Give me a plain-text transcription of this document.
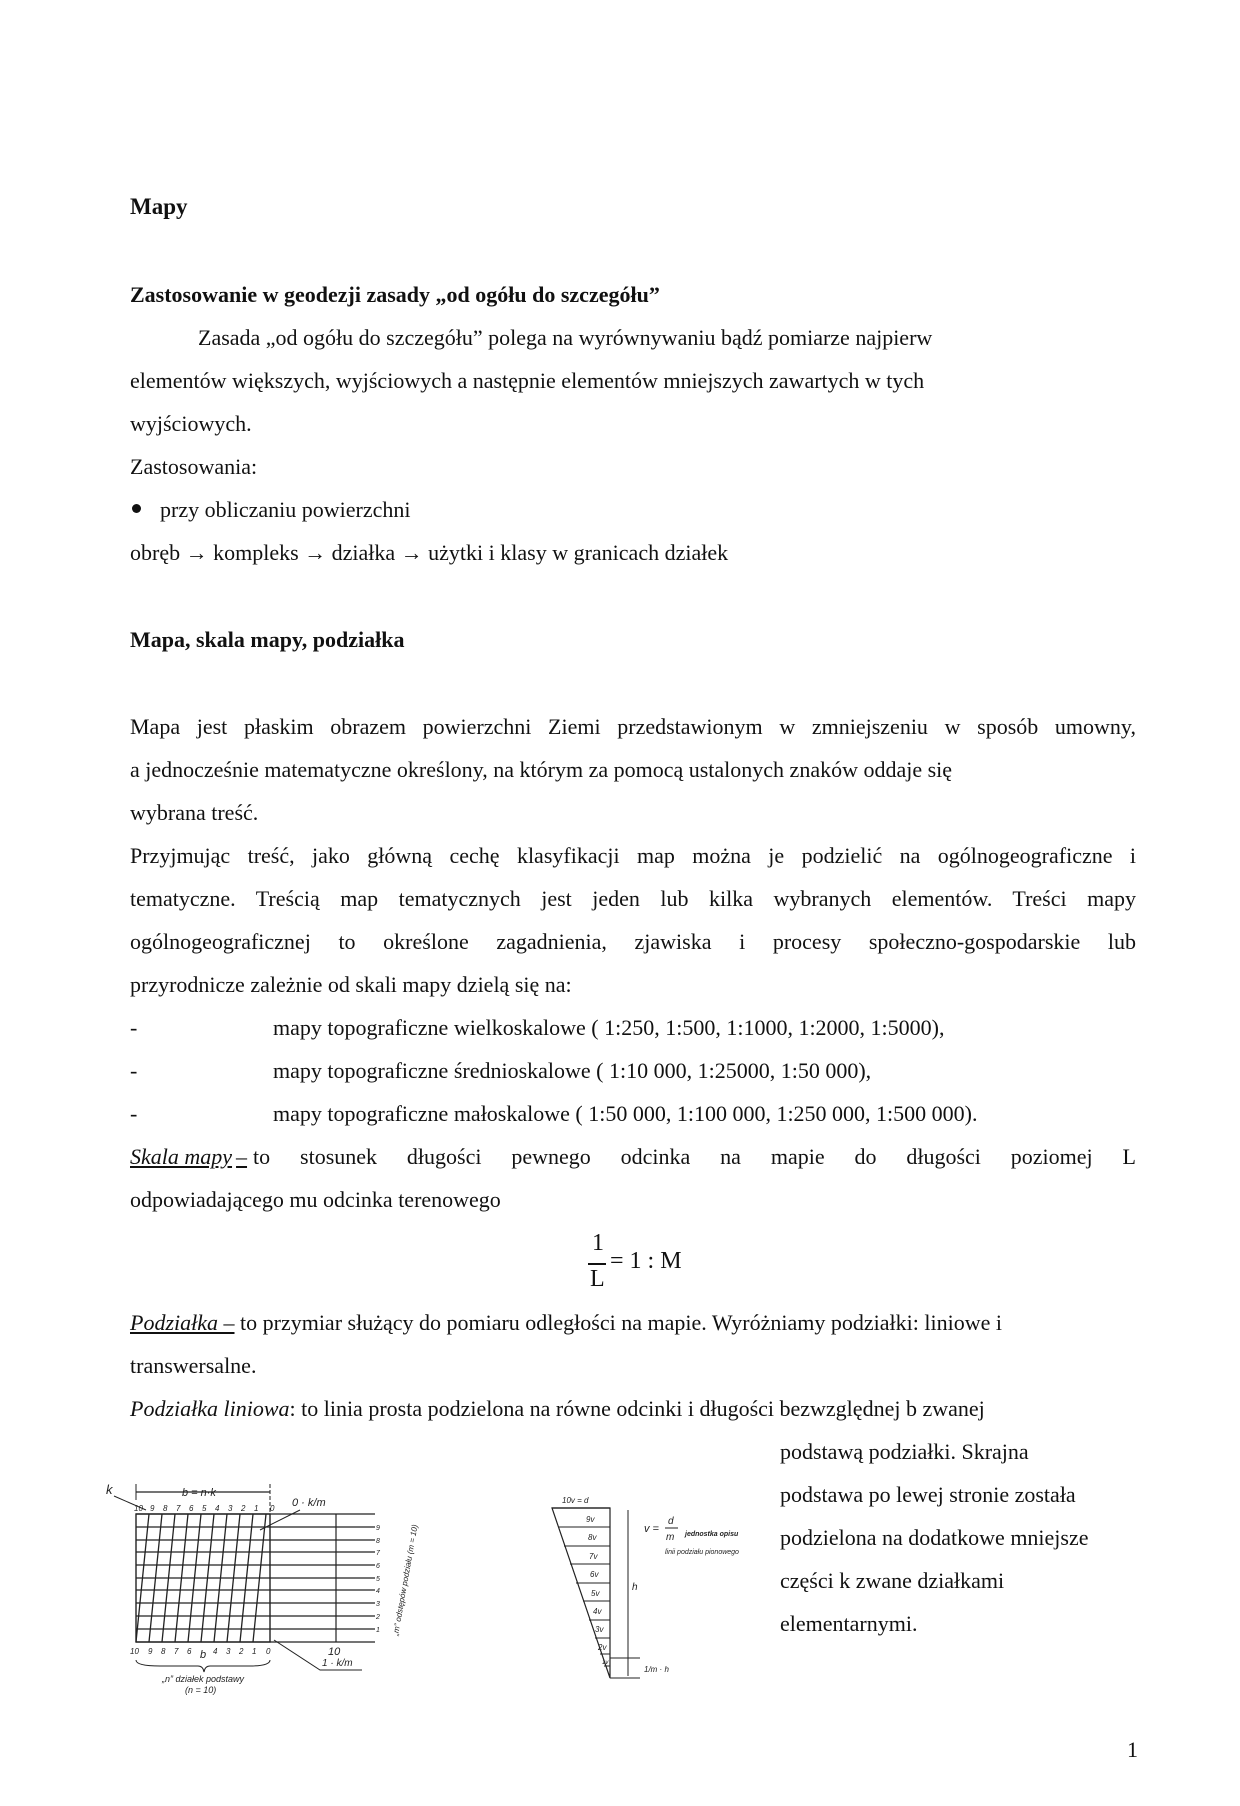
Mapy
Zastosowanie w geodezji zasady „od ogółu do szczegółu”
Zasada „od ogółu do szczegółu” polega na wyrównywaniu bądź pomiarze najpierw
elementów większych, wyjściowych a następnie elementów mniejszych zawartych w tych
wyjściowych.
Zastosowania:
przy obliczaniu powierzchni
obręb → kompleks → działka → użytki i klasy w granicach działek
Mapa, skala mapy, podziałka
Mapa jest płaskim obrazem powierzchni Ziemi przedstawionym w zmniejszeniu w sposób umowny,
a jednocześnie matematyczne określony, na którym za pomocą ustalonych znaków oddaje się
wybrana treść.
Przyjmując treść, jako główną cechę klasyfikacji map można je podzielić na ogólnogeograficzne i
tematyczne. Treścią map tematycznych jest jeden lub kilka wybranych elementów. Treści mapy
ogólnogeograficznej to określone zagadnienia, zjawiska i procesy społeczno-gospodarskie lub
przyrodnicze zależnie od skali mapy dzielą się na:
-	mapy topograficzne wielkoskalowe ( 1:250, 1:500, 1:1000, 1:2000, 1:5000),
-	mapy topograficzne średnioskalowe ( 1:10 000, 1:25000, 1:50 000),
-	mapy topograficzne małoskalowe ( 1:50 000, 1:100 000, 1:250 000, 1:500 000).
Skala mapy – to stosunek długości pewnego odcinka na mapie do długości poziomej L
odpowiadającego mu odcinka terenowego
1
L
= 1 : M
Podziałka – to przymiar służący do pomiaru odległości na mapie. Wyróżniamy podziałki: liniowe i
transwersalne.
Podziałka liniowa: to linia prosta podzielona na równe odcinki i długości bezwzględnej b zwanej
podstawą podziałki. Skrajna
podstawa po lewej stronie została
podzielona na dodatkowe mniejsze
części k zwane działkami
elementarnymi.
b = n·k
k
0 · k/m
10
10 9 8 7 6 5 4 3 2 1 0
10 9 8 7 6 b 4 3 2 1 0
„n” działek podstawy
(n = 10)
1 · k/m
9
8
7
6
5
4
3
2
1 „m” odstępów podziału (m = 10)
10v = d
9v
8v
7v
6v
5v
4v
3v
2v
1v
h
v =
d
m jednostka opisu
linii podziału pionowego
1/m · h
1
